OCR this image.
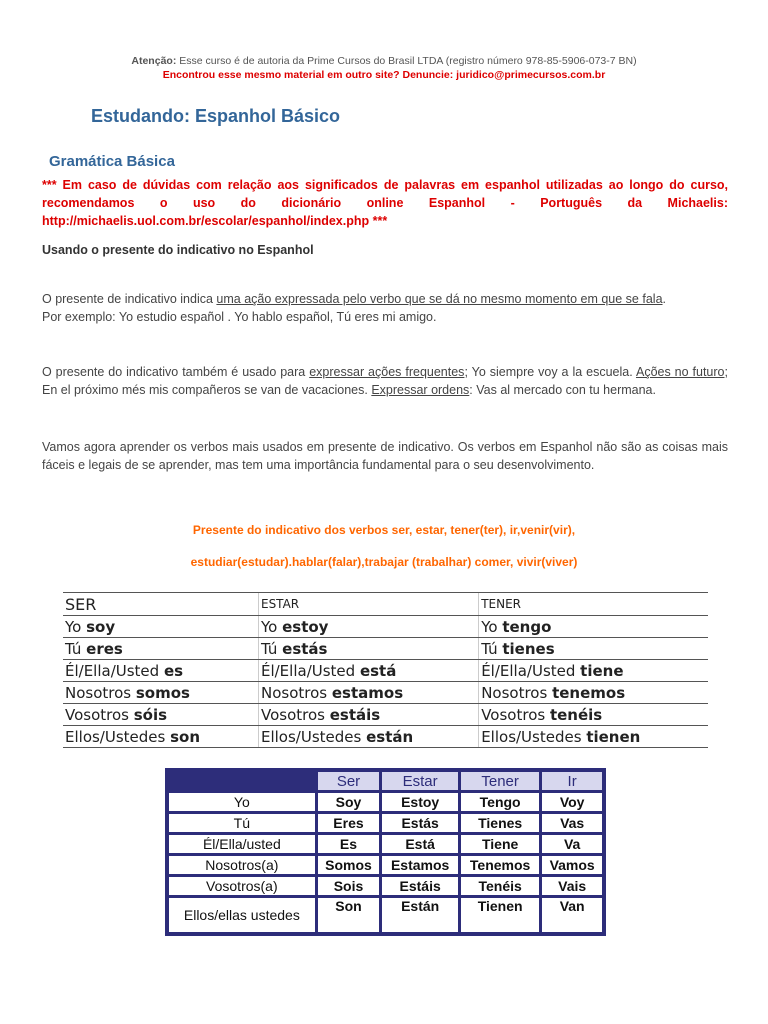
Atenção: Esse curso é de autoria da Prime Cursos do Brasil LTDA (registro número 978-85-5906-073-7 BN)
Encontrou esse mesmo material em outro site? Denuncie: juridico@primecursos.com.br
Estudando: Espanhol Básico
Gramática Básica
*** Em caso de dúvidas com relação aos significados de palavras em espanhol utilizadas ao longo do curso, recomendamos o uso do dicionário online Espanhol - Português da Michaelis: http://michaelis.uol.com.br/escolar/espanhol/index.php ***
Usando o presente do indicativo no Espanhol
O presente de indicativo indica uma ação expressada pelo verbo que se dá no mesmo momento em que se fala.
Por exemplo: Yo estudio español . Yo hablo español, Tú eres mi amigo.
O presente do indicativo também é usado para expressar ações frequentes; Yo siempre voy a la escuela. Ações no futuro; En el próximo més mis compañeros se van de vacaciones. Expressar ordens: Vas al mercado con tu hermana.
Vamos agora aprender os verbos mais usados em presente de indicativo. Os verbos em Espanhol não são as coisas mais fáceis e legais de se aprender, mas tem uma importância fundamental para o seu desenvolvimento.
Presente do indicativo dos verbos ser, estar, tener(ter), ir,venir(vir),
estudiar(estudar).hablar(falar),trabajar (trabalhar) comer, vivir(viver)
SER	ESTAR	TENER
Yo soy	Yo estoy	Yo tengo
Tú eres	Tú estás	Tú tienes
Él/Ella/Usted es	Él/Ella/Usted está	Él/Ella/Usted tiene
Nosotros somos	Nosotros estamos	Nosotros tenemos
Vosotros sóis	Vosotros estáis	Vosotros tenéis
Ellos/Ustedes son	Ellos/Ustedes están	Ellos/Ustedes tienen
	Ser	Estar	Tener	Ir
Yo	Soy	Estoy	Tengo	Voy
Tú	Eres	Estás	Tienes	Vas
Él/Ella/usted	Es	Está	Tiene	Va
Nosotros(a)	Somos	Estamos	Tenemos	Vamos
Vosotros(a)	Sois	Estáis	Tenéis	Vais
Ellos/ellas ustedes	Son	Están	Tienen	Van
